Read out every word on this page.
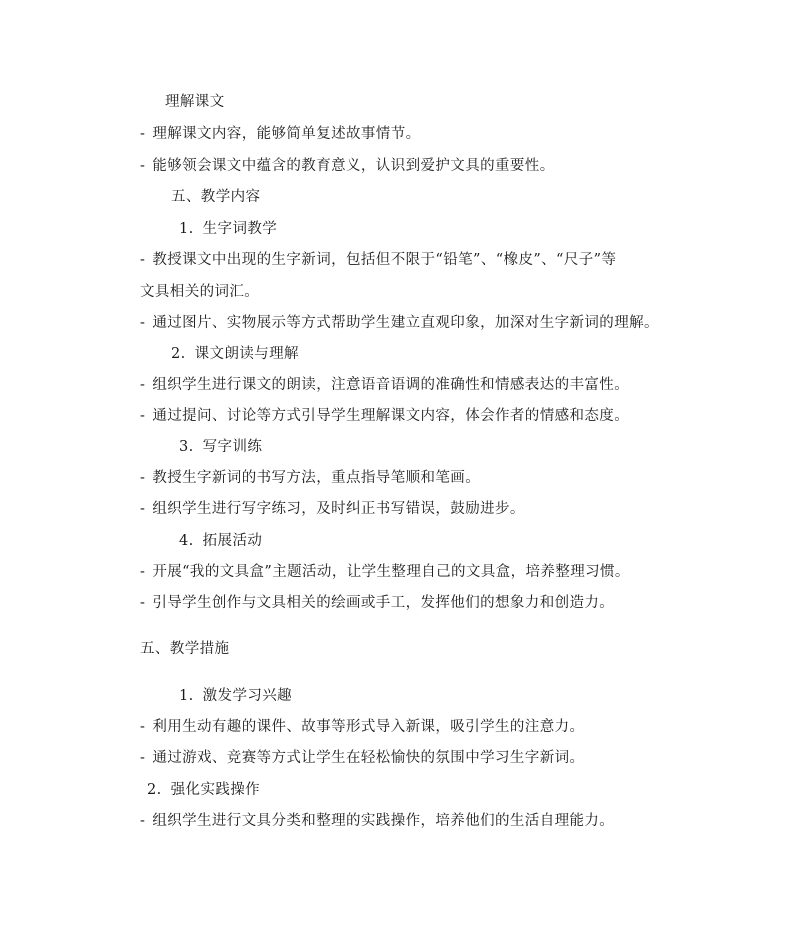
理解课文
- 理解课文内容，能够简单复述故事情节。
- 能够领会课文中蕴含的教育意义，认识到爱护文具的重要性。
五、教学内容
1. 生字词教学
- 教授课文中出现的生字新词，包括但不限于“铅笔”、“橡皮”、“尺子”等
文具相关的词汇。
- 通过图片、实物展示等方式帮助学生建立直观印象，加深对生字新词的理解。
2. 课文朗读与理解
- 组织学生进行课文的朗读，注意语音语调的准确性和情感表达的丰富性。
- 通过提问、讨论等方式引导学生理解课文内容，体会作者的情感和态度。
3. 写字训练
- 教授生字新词的书写方法，重点指导笔顺和笔画。
- 组织学生进行写字练习，及时纠正书写错误，鼓励进步。
4. 拓展活动
- 开展“我的文具盒”主题活动，让学生整理自己的文具盒，培养整理习惯。
- 引导学生创作与文具相关的绘画或手工，发挥他们的想象力和创造力。
五、教学措施
1. 激发学习兴趣
- 利用生动有趣的课件、故事等形式导入新课，吸引学生的注意力。
- 通过游戏、竞赛等方式让学生在轻松愉快的氛围中学习生字新词。
2. 强化实践操作
- 组织学生进行文具分类和整理的实践操作，培养他们的生活自理能力。
